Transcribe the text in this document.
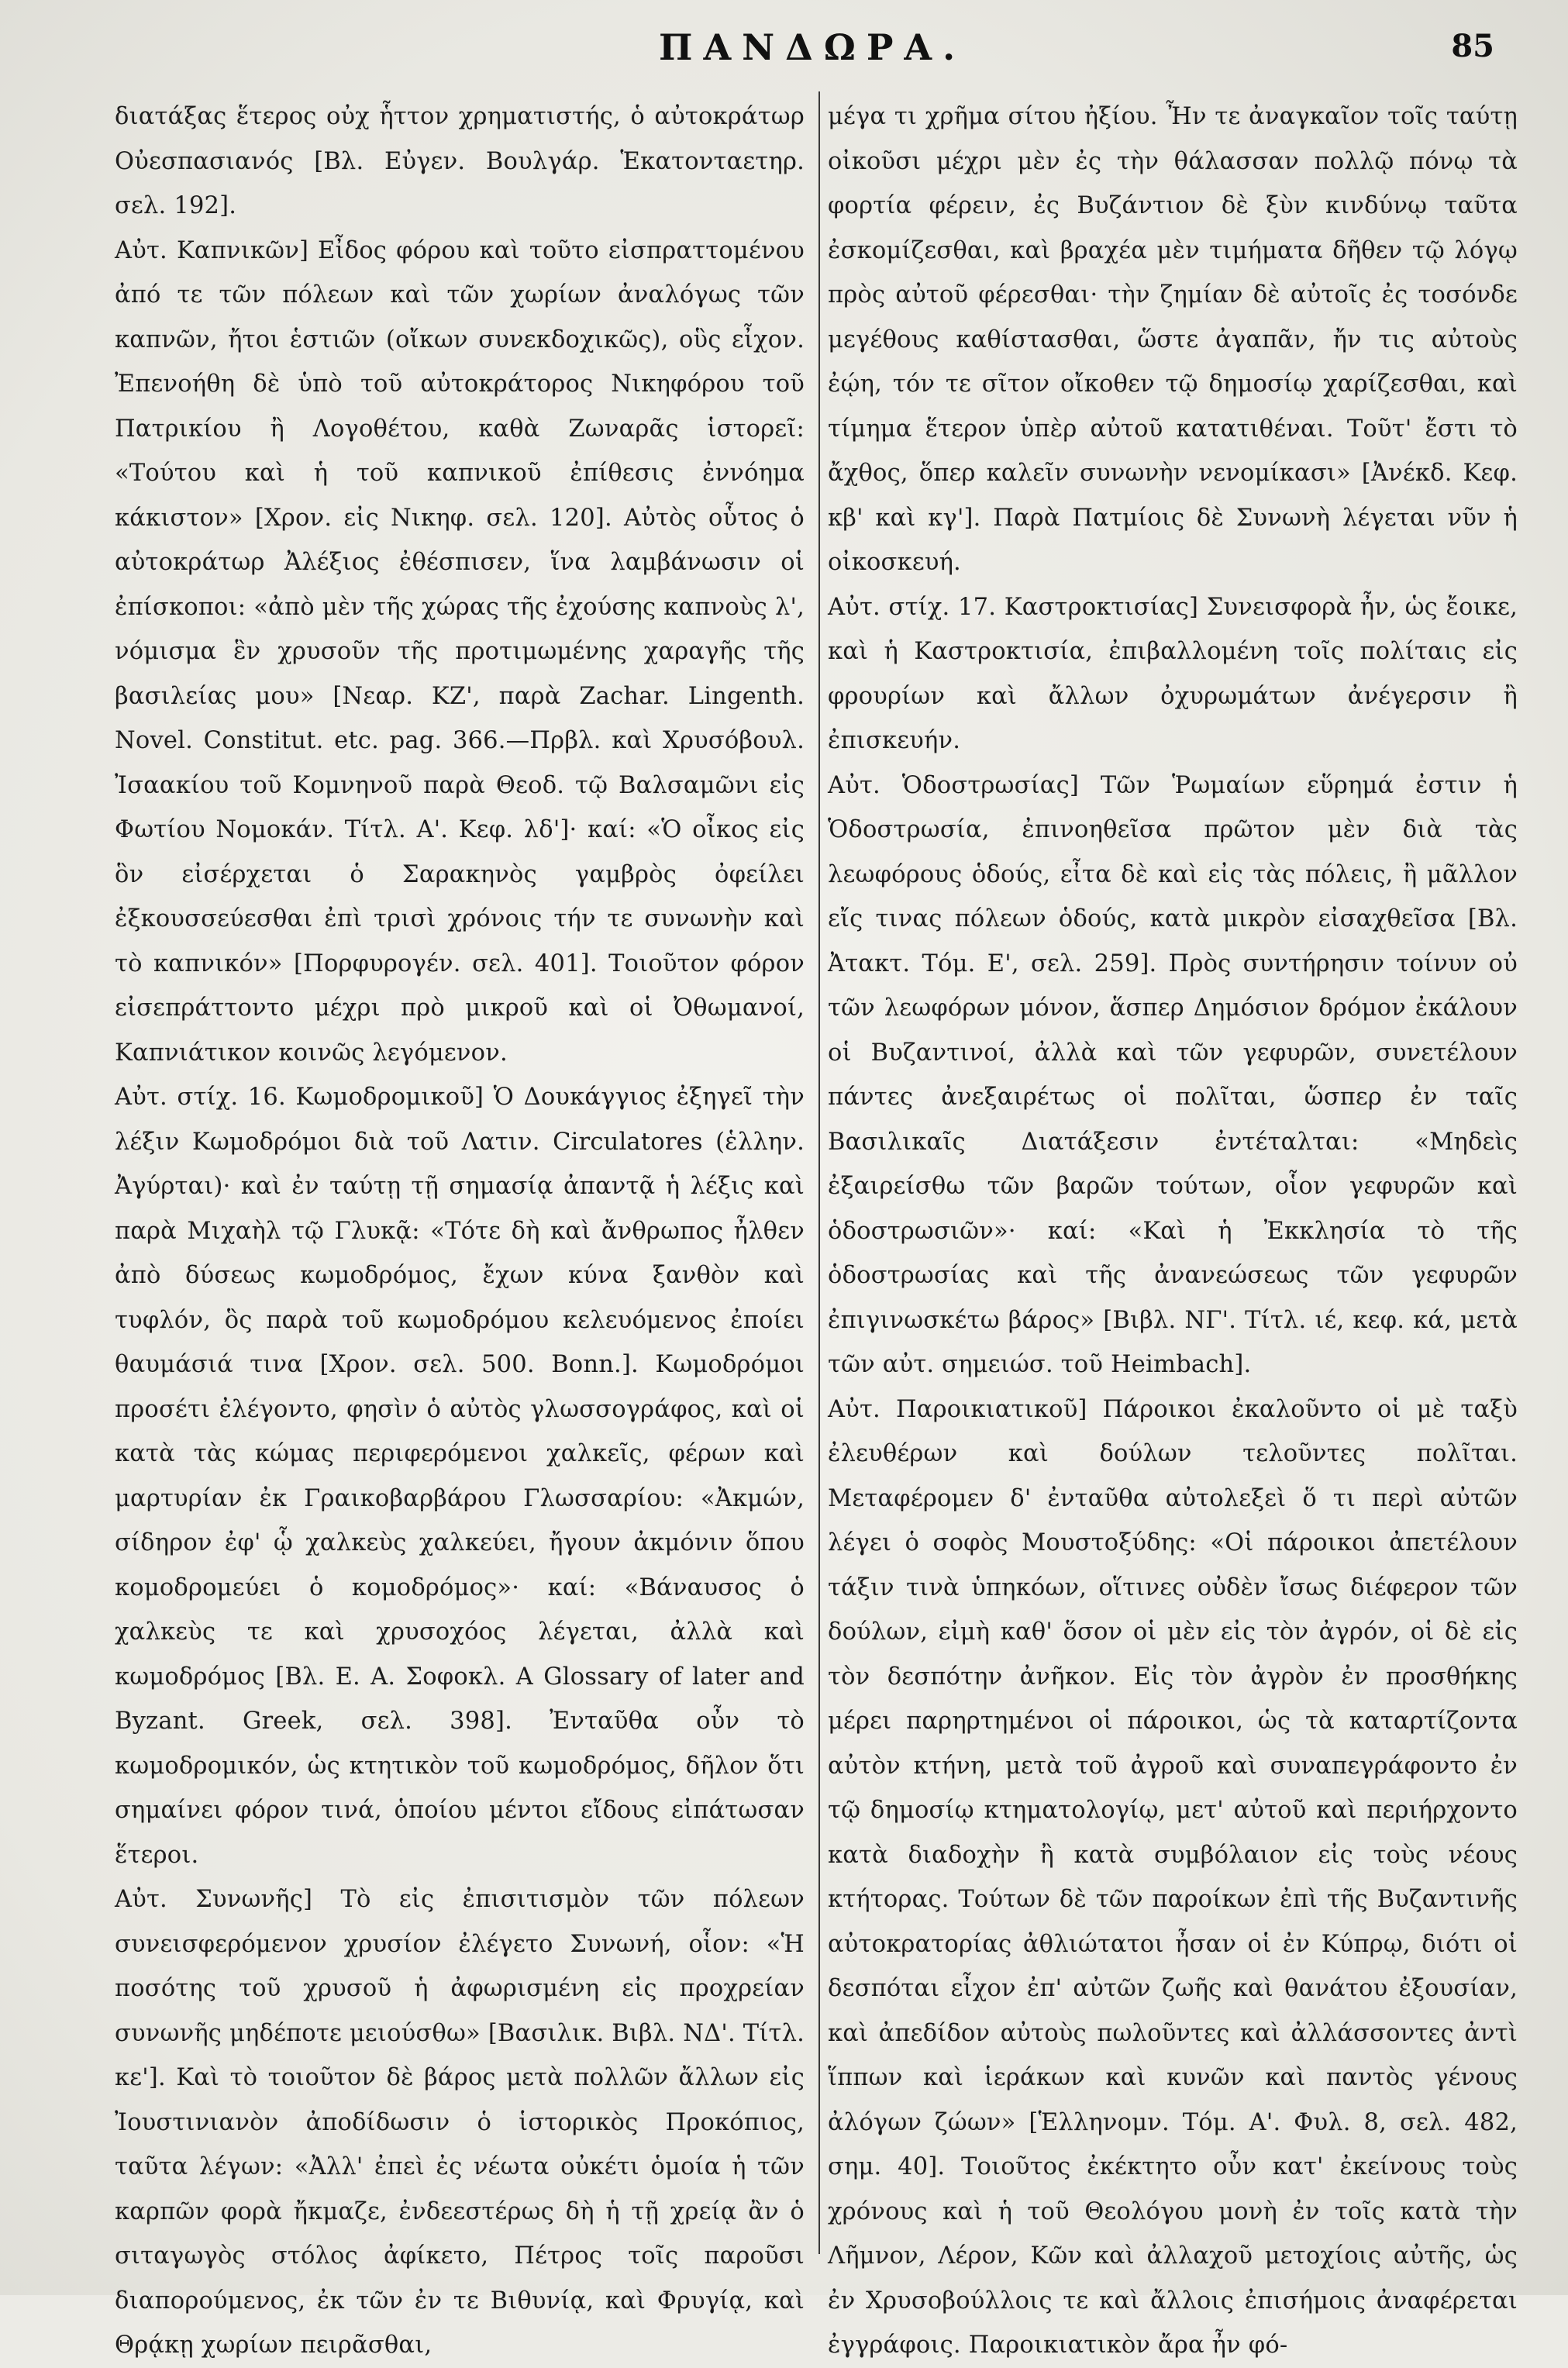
ΠΑΝΔΩΡΑ.	85

διατάξας ἕτερος οὐχ ἧττον χρηματιστής, ὁ αὐτοκράτωρ Οὐεσπασιανός [Βλ. Εὐγεν. Βουλγάρ. Ἑκατονταετηρ. σελ. 192].

Αὐτ. Καπνικῶν] Εἶδος φόρου καὶ τοῦτο εἰσπραττομένου ἀπό τε τῶν πόλεων καὶ τῶν χωρίων ἀναλόγως τῶν καπνῶν, ἤτοι ἑστιῶν (οἴκων συνεκδοχικῶς), οὓς εἶχον. Ἐπενοήθη δὲ ὑπὸ τοῦ αὐτοκράτορος Νικηφόρου τοῦ Πατρικίου ἢ Λογοθέτου, καθὰ Ζωναρᾶς ἱστορεῖ: «Τούτου καὶ ἡ τοῦ καπνικοῦ ἐπίθεσις ἐννόημα κάκιστον» [Χρον. εἰς Νικηφ. σελ. 120]. Αὐτὸς οὗτος ὁ αὐτοκράτωρ Ἀλέξιος ἐθέσπισεν, ἵνα λαμβάνωσιν οἱ ἐπίσκοποι: «ἀπὸ μὲν τῆς χώρας τῆς ἐχούσης καπνοὺς λ', νόμισμα ἓν χρυσοῦν τῆς προτιμωμένης χαραγῆς τῆς βασιλείας μου» [Νεαρ. ΚΖ', παρὰ Zachar. Lingenth. Novel. Constitut. etc. pag. 366.—Πρβλ. καὶ Χρυσόβουλ. Ἰσαακίου τοῦ Κομνηνοῦ παρὰ Θεοδ. τῷ Βαλσαμῶνι εἰς Φωτίου Νομοκάν. Τίτλ. Α'. Κεφ. λδ']· καί: «Ὁ οἶκος εἰς ὃν εἰσέρχεται ὁ Σαρακηνὸς γαμβρὸς ὀφείλει ἐξκουσσεύεσθαι ἐπὶ τρισὶ χρόνοις τήν τε συνωνὴν καὶ τὸ καπνικόν» [Πορφυρογέν. σελ. 401]. Τοιοῦτον φόρον εἰσεπράττοντο μέχρι πρὸ μικροῦ καὶ οἱ Ὀθωμανοί, Καπνιάτικον κοινῶς λεγόμενον.

Αὐτ. στίχ. 16. Κωμοδρομικοῦ] Ὁ Δουκάγγιος ἐξηγεῖ τὴν λέξιν Κωμοδρόμοι διὰ τοῦ Λατιν. Circulatores (ἑλλην. Ἀγύρται)· καὶ ἐν ταύτῃ τῇ σημασίᾳ ἀπαντᾷ ἡ λέξις καὶ παρὰ Μιχαὴλ τῷ Γλυκᾷ: «Τότε δὴ καὶ ἄνθρωπος ἦλθεν ἀπὸ δύσεως κωμοδρόμος, ἔχων κύνα ξανθὸν καὶ τυφλόν, ὃς παρὰ τοῦ κωμοδρόμου κελευόμενος ἐποίει θαυμάσιά τινα [Χρον. σελ. 500. Bonn.]. Κωμοδρόμοι προσέτι ἐλέγοντο, φησὶν ὁ αὐτὸς γλωσσογράφος, καὶ οἱ κατὰ τὰς κώμας περιφερόμενοι χαλκεῖς, φέρων καὶ μαρτυρίαν ἐκ Γραικοβαρβάρου Γλωσσαρίου: «Ἀκμών, σίδηρον ἐφ' ᾧ χαλκεὺς χαλκεύει, ἤγουν ἀκμόνιν ὅπου κομοδρομεύει ὁ κομοδρόμος»· καί: «Βάναυσος ὁ χαλκεὺς τε καὶ χρυσοχόος λέγεται, ἀλλὰ καὶ κωμοδρόμος [Βλ. Ε. Α. Σοφοκλ. A Glossary of later and Byzant. Greek, σελ. 398]. Ἐνταῦθα οὖν τὸ κωμοδρομικόν, ὡς κτητικὸν τοῦ κωμοδρόμος, δῆλον ὅτι σημαίνει φόρον τινά, ὁποίου μέντοι εἴδους εἰπάτωσαν ἕτεροι.

Αὐτ. Συνωνῆς] Τὸ εἰς ἐπισιτισμὸν τῶν πόλεων συνεισφερόμενον χρυσίον ἐλέγετο Συνωνή, οἷον: «Ἡ ποσότης τοῦ χρυσοῦ ἡ ἀφωρισμένη εἰς προχρείαν συνωνῆς μηδέποτε μειούσθω» [Βασιλικ. Βιβλ. ΝΔ'. Τίτλ. κε']. Καὶ τὸ τοιοῦτον δὲ βάρος μετὰ πολλῶν ἄλλων εἰς Ἰουστινιανὸν ἀποδίδωσιν ὁ ἱστορικὸς Προκόπιος, ταῦτα λέγων: «Ἀλλ' ἐπεὶ ἐς νέωτα οὐκέτι ὁμοία ἡ τῶν καρπῶν φορὰ ἤκμαζε, ἐνδεεστέρως δὴ ἡ τῇ χρείᾳ ἂν ὁ σιταγωγὸς στόλος ἀφίκετο, Πέτρος τοῖς παροῦσι διαπορούμενος, ἐκ τῶν ἐν τε Βιθυνίᾳ, καὶ Φρυγίᾳ, καὶ Θρᾴκῃ χωρίων πειρᾶσθαι,

μέγα τι χρῆμα σίτου ἠξίου. Ἦν τε ἀναγκαῖον τοῖς ταύτῃ οἰκοῦσι μέχρι μὲν ἐς τὴν θάλασσαν πολλῷ πόνῳ τὰ φορτία φέρειν, ἐς Βυζάντιον δὲ ξὺν κινδύνῳ ταῦτα ἐσκομίζεσθαι, καὶ βραχέα μὲν τιμήματα δῆθεν τῷ λόγῳ πρὸς αὐτοῦ φέρεσθαι· τὴν ζημίαν δὲ αὐτοῖς ἐς τοσόνδε μεγέθους καθίστασθαι, ὥστε ἀγαπᾶν, ἤν τις αὐτοὺς ἐῴη, τόν τε σῖτον οἴκοθεν τῷ δημοσίῳ χαρίζεσθαι, καὶ τίμημα ἕτερον ὑπὲρ αὐτοῦ κατατιθέναι. Τοῦτ' ἔστι τὸ ἄχθος, ὅπερ καλεῖν συνωνὴν νενομίκασι» [Ἀνέκδ. Κεφ. κβ' καὶ κγ']. Παρὰ Πατμίοις δὲ Συνωνὴ λέγεται νῦν ἡ οἰκοσκευή.

Αὐτ. στίχ. 17. Καστροκτισίας] Συνεισφορὰ ἦν, ὡς ἔοικε, καὶ ἡ Καστροκτισία, ἐπιβαλλομένη τοῖς πολίταις εἰς φρουρίων καὶ ἄλλων ὀχυρωμάτων ἀνέγερσιν ἢ ἐπισκευήν.

Αὐτ. Ὁδοστρωσίας] Τῶν Ῥωμαίων εὕρημά ἐστιν ἡ Ὁδοστρωσία, ἐπινοηθεῖσα πρῶτον μὲν διὰ τὰς λεωφόρους ὁδούς, εἶτα δὲ καὶ εἰς τὰς πόλεις, ἢ μᾶλλον εἴς τινας πόλεων ὁδούς, κατὰ μικρὸν εἰσαχθεῖσα [Βλ. Ἀτακτ. Τόμ. Ε', σελ. 259]. Πρὸς συντήρησιν τοίνυν οὐ τῶν λεωφόρων μόνον, ἅσπερ Δημόσιον δρόμον ἐκάλουν οἱ Βυζαντινοί, ἀλλὰ καὶ τῶν γεφυρῶν, συνετέλουν πάντες ἀνεξαιρέτως οἱ πολῖται, ὥσπερ ἐν ταῖς Βασιλικαῖς Διατάξεσιν ἐντέταλται: «Μηδεὶς ἐξαιρείσθω τῶν βαρῶν τούτων, οἷον γεφυρῶν καὶ ὁδοστρωσιῶν»· καί: «Καὶ ἡ Ἐκκλησία τὸ τῆς ὁδοστρωσίας καὶ τῆς ἀνανεώσεως τῶν γεφυρῶν ἐπιγινωσκέτω βάρος» [Βιβλ. ΝΓ'. Τίτλ. ιέ, κεφ. κά, μετὰ τῶν αὐτ. σημειώσ. τοῦ Heimbach].

Αὐτ. Παροικιατικοῦ] Πάροικοι ἐκαλοῦντο οἱ μὲ ταξὺ ἐλευθέρων καὶ δούλων τελοῦντες πολῖται. Μεταφέρομεν δ' ἐνταῦθα αὐτολεξεὶ ὅ τι περὶ αὐτῶν λέγει ὁ σοφὸς Μουστοξύδης: «Οἱ πάροικοι ἀπετέλουν τάξιν τινὰ ὑπηκόων, οἵτινες οὐδὲν ἴσως διέφερον τῶν δούλων, εἰμὴ καθ' ὅσον οἱ μὲν εἰς τὸν ἀγρόν, οἱ δὲ εἰς τὸν δεσπότην ἀνῆκον. Εἰς τὸν ἀγρὸν ἐν προσθήκης μέρει παρηρτημένοι οἱ πάροικοι, ὡς τὰ καταρτίζοντα αὐτὸν κτήνη, μετὰ τοῦ ἀγροῦ καὶ συναπεγράφοντο ἐν τῷ δημοσίῳ κτηματολογίῳ, μετ' αὐτοῦ καὶ περιήρχοντο κατὰ διαδοχὴν ἢ κατὰ συμβόλαιον εἰς τοὺς νέους κτήτορας. Τούτων δὲ τῶν παροίκων ἐπὶ τῆς Βυζαντινῆς αὐτοκρατορίας ἀθλιώτατοι ἦσαν οἱ ἐν Κύπρῳ, διότι οἱ δεσπόται εἶχον ἐπ' αὐτῶν ζωῆς καὶ θανάτου ἐξουσίαν, καὶ ἀπεδίδον αὐτοὺς πωλοῦντες καὶ ἀλλάσσοντες ἀντὶ ἵππων καὶ ἱεράκων καὶ κυνῶν καὶ παντὸς γένους ἀλόγων ζώων» [Ἑλληνομν. Τόμ. Α'. Φυλ. 8, σελ. 482, σημ. 40]. Τοιοῦτος ἐκέκτητο οὖν κατ' ἐκείνους τοὺς χρόνους καὶ ἡ τοῦ Θεολόγου μονὴ ἐν τοῖς κατὰ τὴν Λῆμνον, Λέρον, Κῶν καὶ ἀλλαχοῦ μετοχίοις αὐτῆς, ὡς ἐν Χρυσοβούλλοις τε καὶ ἄλλοις ἐπισήμοις ἀναφέρεται ἐγγράφοις. Παροικιατικὸν ἄρα ἦν φό-
